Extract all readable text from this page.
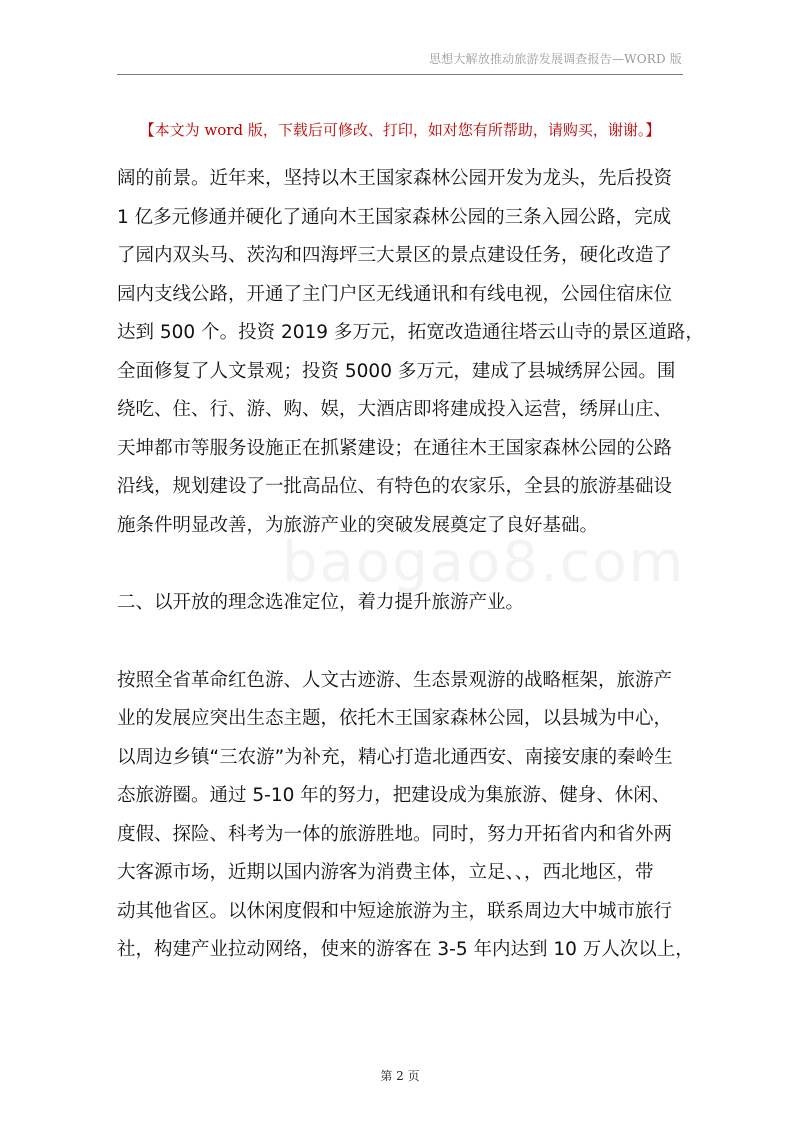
思想大解放推动旅游发展调查报告—WORD 版
【本文为 word 版，下载后可修改、打印，如对您有所帮助，请购买，谢谢。】
baogao8.com

阔的前景。近年来，坚持以木王国家森林公园开发为龙头，先后投资

1 亿多元修通并硬化了通向木王国家森林公园的三条入园公路，完成

了园内双头马、茨沟和四海坪三大景区的景点建设任务，硬化改造了

园内支线公路，开通了主门户区无线通讯和有线电视，公园住宿床位

达到 500 个。投资 2019 多万元，拓宽改造通往塔云山寺的景区道路，

全面修复了人文景观；投资 5000 多万元，建成了县城绣屏公园。围

绕吃、住、行、游、购、娱，大酒店即将建成投入运营，绣屏山庄、

天坤都市等服务设施正在抓紧建设；在通往木王国家森林公园的公路

沿线，规划建设了一批高品位、有特色的农家乐，全县的旅游基础设

施条件明显改善，为旅游产业的突破发展奠定了良好基础。

二、以开放的理念选准定位，着力提升旅游产业。

按照全省革命红色游、人文古迹游、生态景观游的战略框架，旅游产

业的发展应突出生态主题，依托木王国家森林公园，以县城为中心，

以周边乡镇“三农游”为补充，精心打造北通西安、南接安康的秦岭生

态旅游圈。通过 5-10 年的努力，把建设成为集旅游、健身、休闲、

度假、探险、科考为一体的旅游胜地。同时，努力开拓省内和省外两

大客源市场，近期以国内游客为消费主体，立足、、，西北地区，带

动其他省区。以休闲度假和中短途旅游为主，联系周边大中城市旅行

社，构建产业拉动网络，使来的游客在 3-5 年内达到 10 万人次以上，

第 2 页
